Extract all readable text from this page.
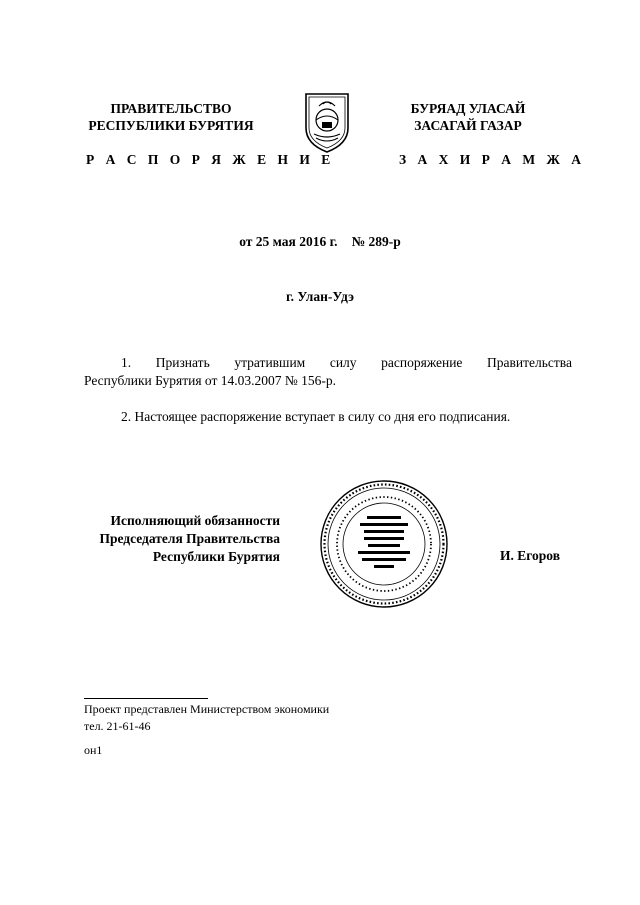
ПРАВИТЕЛЬСТВО
РЕСПУБЛИКИ БУРЯТИЯ
Р А С П О Р Я Ж Е Н И Е
БУРЯАД УЛАСАЙ
ЗАСАГАЙ ГАЗАР
З А Х И Р А М Ж А
от 25 мая 2016 г. № 289-р
г. Улан-Удэ
1. Признать утратившим силу распоряжение Правительства
Республики Бурятия от 14.03.2007 № 156-р.
2. Настоящее распоряжение вступает в силу со дня его подписания.
Исполняющий обязанности
Председателя Правительства
Республики Бурятия	И. Егоров
Проект представлен Министерством экономики
тел. 21-61-46
он1
